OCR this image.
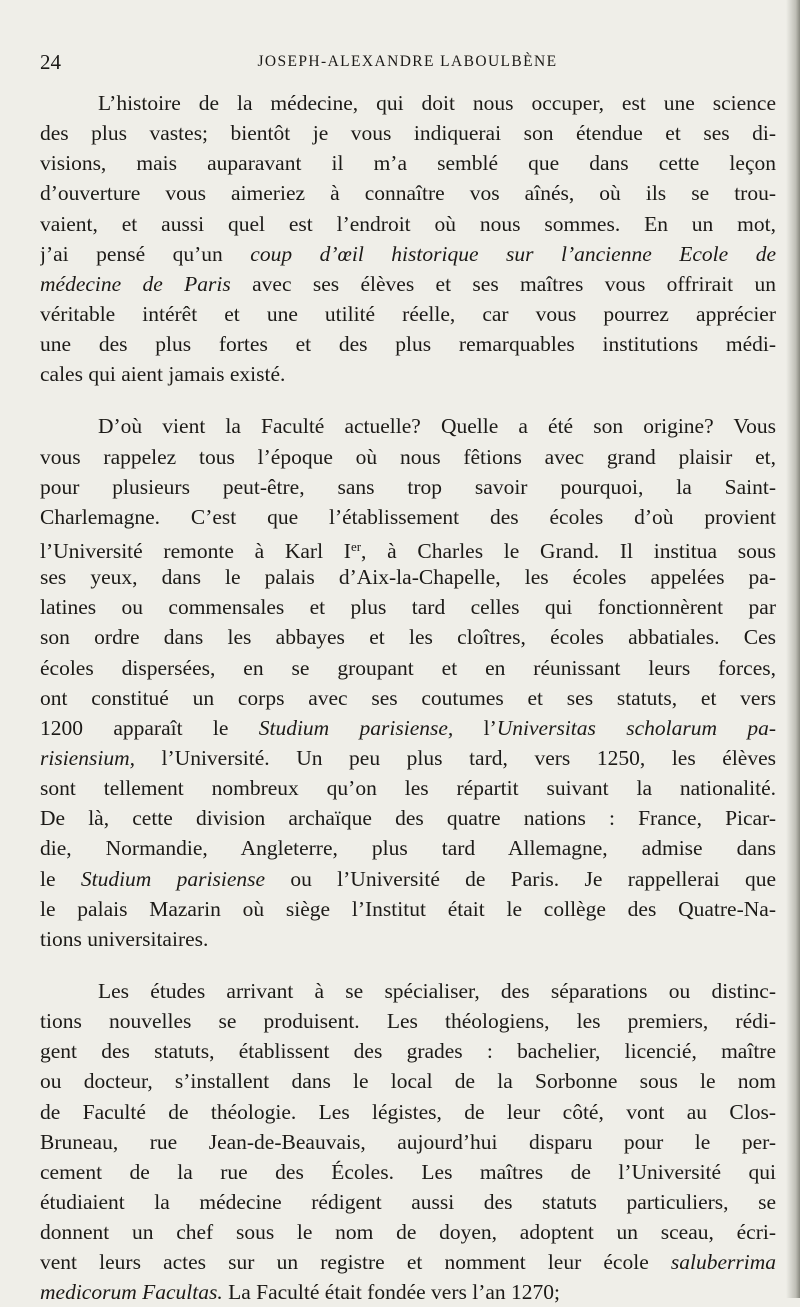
24	JOSEPH-ALEXANDRE LABOULBÈNE
L’histoire de la médecine, qui doit nous occuper, est une science
des plus vastes; bientôt je vous indiquerai son étendue et ses di-
visions, mais auparavant il m’a semblé que dans cette leçon
d’ouverture vous aimeriez à connaître vos aînés, où ils se trou-
vaient, et aussi quel est l’endroit où nous sommes. En un mot,
j’ai pensé qu’un coup d’œil historique sur l’ancienne Ecole de
médecine de Paris avec ses élèves et ses maîtres vous offrirait un
véritable intérêt et une utilité réelle, car vous pourrez apprécier
une des plus fortes et des plus remarquables institutions médi-
cales qui aient jamais existé.
D’où vient la Faculté actuelle? Quelle a été son origine? Vous
vous rappelez tous l’époque où nous fêtions avec grand plaisir et,
pour plusieurs peut-être, sans trop savoir pourquoi, la Saint-
Charlemagne. C’est que l’établissement des écoles d’où provient
l’Université remonte à Karl Ier, à Charles le Grand. Il institua sous
ses yeux, dans le palais d’Aix-la-Chapelle, les écoles appelées pa-
latines ou commensales et plus tard celles qui fonctionnèrent par
son ordre dans les abbayes et les cloîtres, écoles abbatiales. Ces
écoles dispersées, en se groupant et en réunissant leurs forces,
ont constitué un corps avec ses coutumes et ses statuts, et vers
1200 apparaît le Studium parisiense, l’Universitas scholarum pa-
risiensium, l’Université. Un peu plus tard, vers 1250, les élèves
sont tellement nombreux qu’on les répartit suivant la nationalité.
De là, cette division archaïque des quatre nations : France, Picar-
die, Normandie, Angleterre, plus tard Allemagne, admise dans
le Studium parisiense ou l’Université de Paris. Je rappellerai que
le palais Mazarin où siège l’Institut était le collège des Quatre-Na-
tions universitaires.
Les études arrivant à se spécialiser, des séparations ou distinc-
tions nouvelles se produisent. Les théologiens, les premiers, rédi-
gent des statuts, établissent des grades : bachelier, licencié, maître
ou docteur, s’installent dans le local de la Sorbonne sous le nom
de Faculté de théologie. Les légistes, de leur côté, vont au Clos-
Bruneau, rue Jean-de-Beauvais, aujourd’hui disparu pour le per-
cement de la rue des Écoles. Les maîtres de l’Université qui
étudiaient la médecine rédigent aussi des statuts particuliers, se
donnent un chef sous le nom de doyen, adoptent un sceau, écri-
vent leurs actes sur un registre et nomment leur école saluberrima
medicorum Facultas. La Faculté était fondée vers l’an 1270;
